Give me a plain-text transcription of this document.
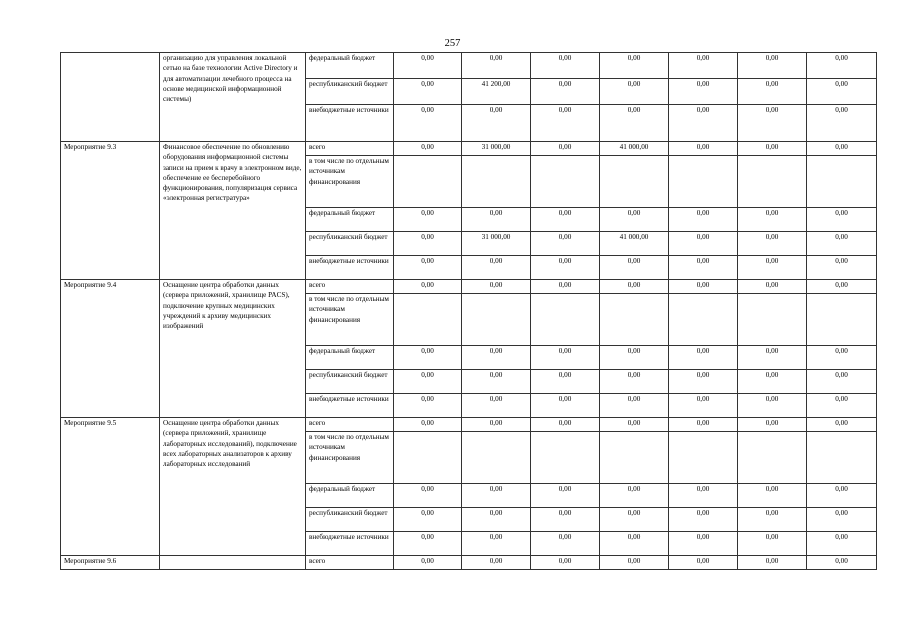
257
	организацию для управления локальной сетью на базе технологии Active Directory и для автоматизации лечебного процесса на основе медицинской информационной системы)	федеральный бюджет	0,00	0,00	0,00	0,00	0,00	0,00	0,00
		республиканский бюджет	0,00	41 200,00	0,00	0,00	0,00	0,00	0,00
		внебюджетные источники	0,00	0,00	0,00	0,00	0,00	0,00	0,00
Мероприятие 9.3	Финансовое обеспечение по обновлению оборудования информационной системы записи на прием к врачу в электронном виде, обеспечение ее бесперебойного функционирования, популяризация сервиса «электронная регистратура»	всего	0,00	31 000,00	0,00	41 000,00	0,00	0,00	0,00
		в том числе по отдельным источникам финансирования							
		федеральный бюджет	0,00	0,00	0,00	0,00	0,00	0,00	0,00
		республиканский бюджет	0,00	31 000,00	0,00	41 000,00	0,00	0,00	0,00
		внебюджетные источники	0,00	0,00	0,00	0,00	0,00	0,00	0,00
Мероприятие 9.4	Оснащение центра обработки данных (сервера приложений, хранилище PACS), подключение крупных медицинских учреждений к архиву медицинских изображений	всего	0,00	0,00	0,00	0,00	0,00	0,00	0,00
		в том числе по отдельным источникам финансирования							
		федеральный бюджет	0,00	0,00	0,00	0,00	0,00	0,00	0,00
		республиканский бюджет	0,00	0,00	0,00	0,00	0,00	0,00	0,00
		внебюджетные источники	0,00	0,00	0,00	0,00	0,00	0,00	0,00
Мероприятие 9.5	Оснащение центра обработки данных (сервера приложений, хранилище лабораторных исследований), подключение всех лабораторных анализаторов к архиву лабораторных исследований	всего	0,00	0,00	0,00	0,00	0,00	0,00	0,00
		в том числе по отдельным источникам финансирования							
		федеральный бюджет	0,00	0,00	0,00	0,00	0,00	0,00	0,00
		республиканский бюджет	0,00	0,00	0,00	0,00	0,00	0,00	0,00
		внебюджетные источники	0,00	0,00	0,00	0,00	0,00	0,00	0,00
Мероприятие 9.6		всего	0,00	0,00	0,00	0,00	0,00	0,00	0,00
